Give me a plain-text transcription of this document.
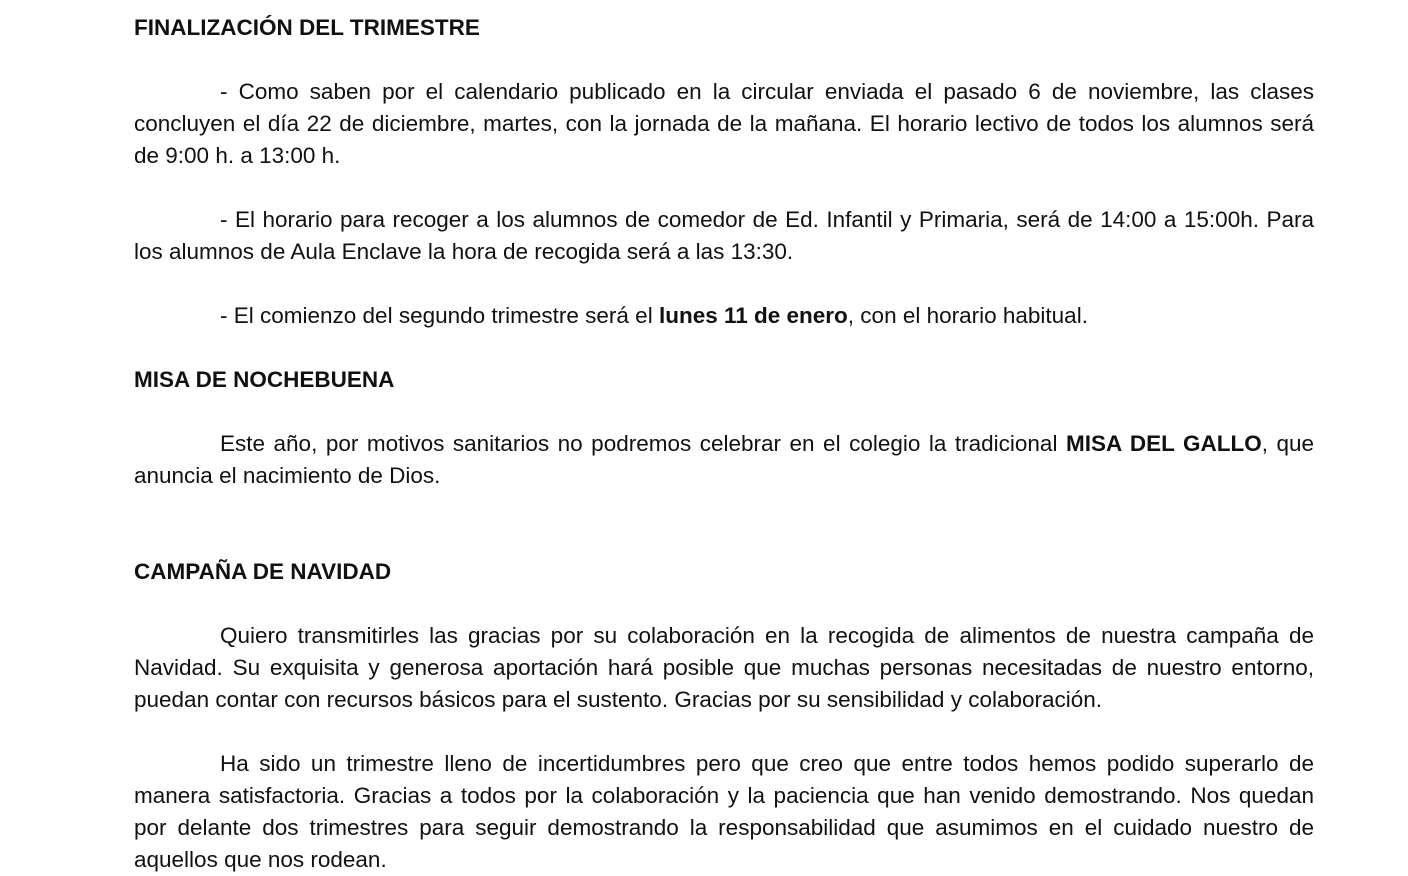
FINALIZACIÓN DEL TRIMESTRE

- Como saben por el calendario publicado en la circular enviada el pasado 6 de noviembre, las clases concluyen el día 22 de diciembre, martes, con la jornada de la mañana. El horario lectivo de todos los alumnos será de 9:00 h. a 13:00 h.

- El horario para recoger a los alumnos de comedor de Ed. Infantil y Primaria, será de 14:00 a 15:00h. Para los alumnos de Aula Enclave la hora de recogida será a las 13:30.

- El comienzo del segundo trimestre será el lunes 11 de enero, con el horario habitual.

MISA DE NOCHEBUENA

Este año, por motivos sanitarios no podremos celebrar en el colegio la tradicional MISA DEL GALLO, que anuncia el nacimiento de Dios.

CAMPAÑA DE NAVIDAD

Quiero transmitirles las gracias por su colaboración en la recogida de alimentos de nuestra campaña de Navidad. Su exquisita y generosa aportación hará posible que muchas personas necesitadas de nuestro entorno, puedan contar con recursos básicos para el sustento. Gracias por su sensibilidad y colaboración.

Ha sido un trimestre lleno de incertidumbres pero que creo que entre todos hemos podido superarlo de manera satisfactoria. Gracias a todos por la colaboración y la paciencia que han venido demostrando. Nos quedan por delante dos trimestres para seguir demostrando la responsabilidad que asumimos en el cuidado nuestro de aquellos que nos rodean.
